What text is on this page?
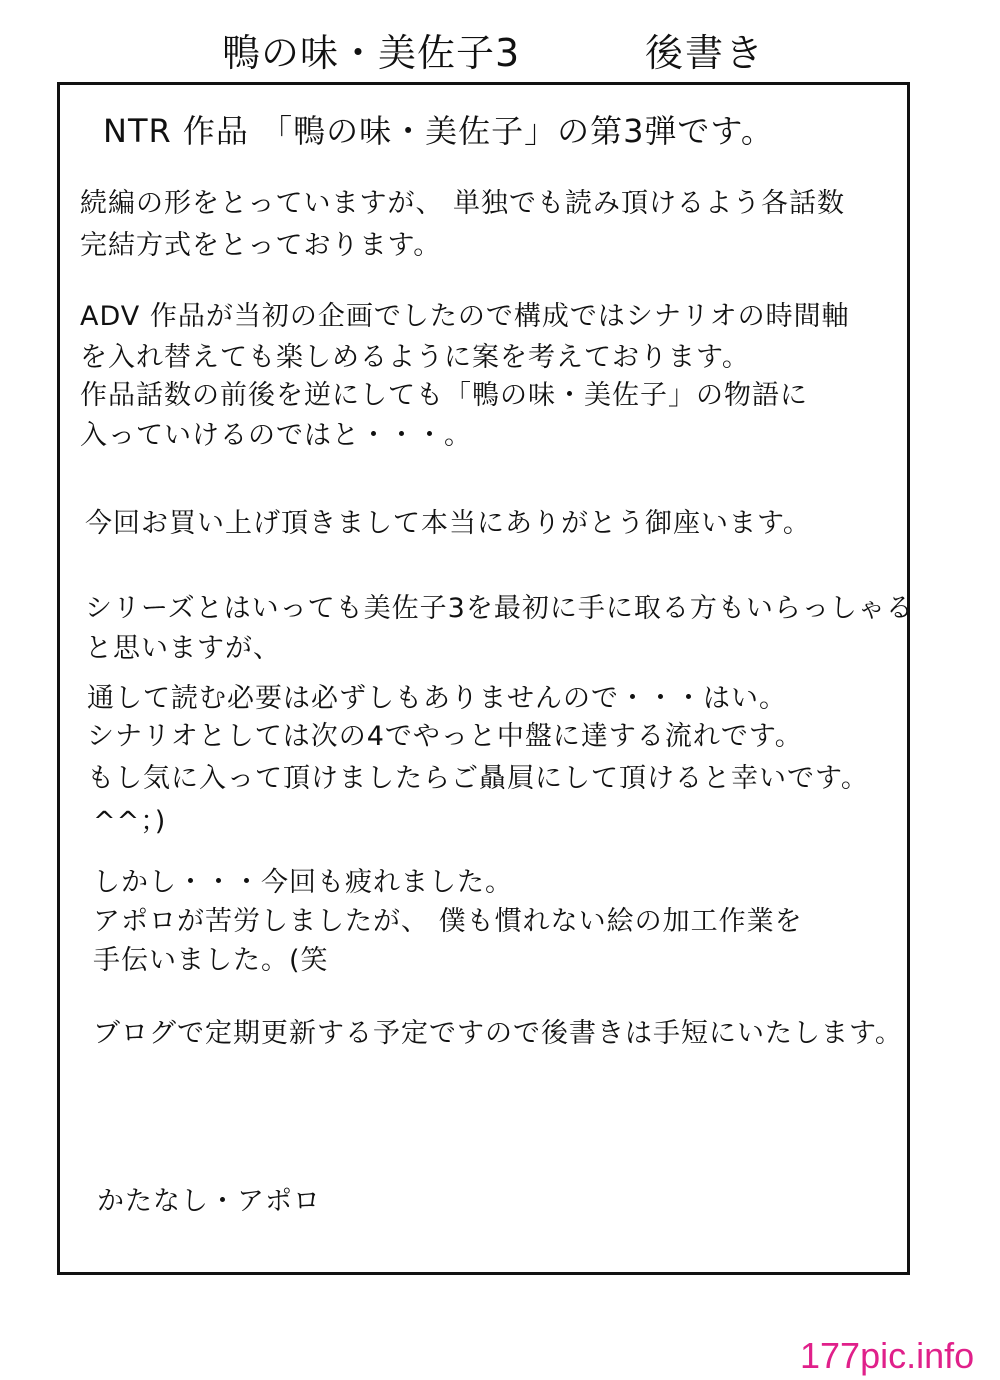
鴨の味・美佐子3	後書き
NTR 作品 「鴨の味・美佐子」の第3弾です。
続編の形をとっていますが、 単独でも読み頂けるよう各話数
完結方式をとっております。
ADV 作品が当初の企画でしたので構成ではシナリオの時間軸
を入れ替えても楽しめるように案を考えております。
作品話数の前後を逆にしても「鴨の味・美佐子」の物語に
入っていけるのではと・・・。
今回お買い上げ頂きまして本当にありがとう御座います。
シリーズとはいっても美佐子3を最初に手に取る方もいらっしゃる
と思いますが、
通して読む必要は必ずしもありませんので・・・はい。
シナリオとしては次の4でやっと中盤に達する流れです。
もし気に入って頂けましたらご贔屓にして頂けると幸いです。
^^；)
しかし・・・今回も疲れました。
アポロが苦労しましたが、 僕も慣れない絵の加工作業を
手伝いました。(笑
ブログで定期更新する予定ですので後書きは手短にいたします。
かたなし・アポロ
177pic.info
